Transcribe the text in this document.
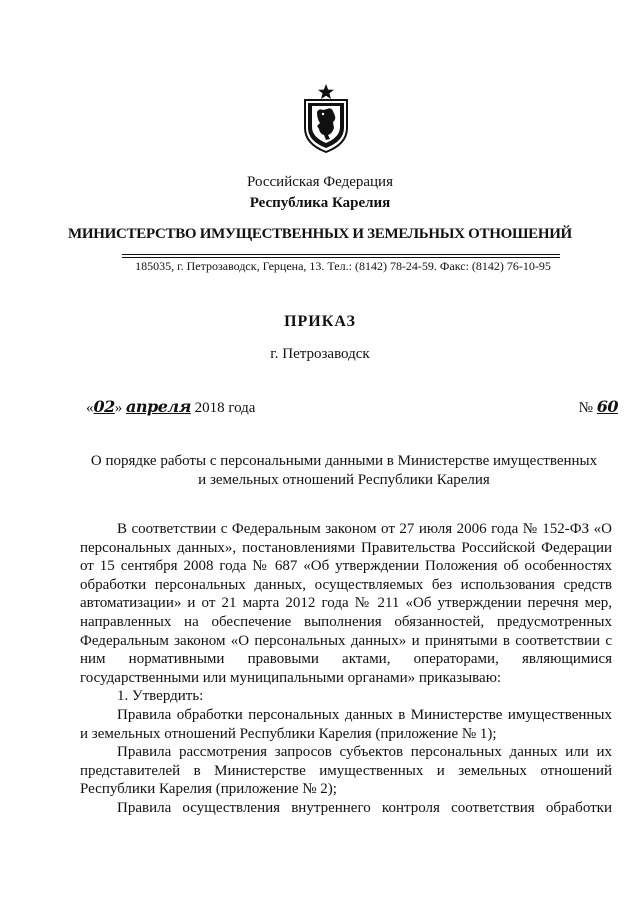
Российская Федерация
Республика Карелия
МИНИСТЕРСТВО ИМУЩЕСТВЕННЫХ И ЗЕМЕЛЬНЫХ ОТНОШЕНИЙ
185035, г. Петрозаводск, Герцена, 13. Тел.: (8142) 78-24-59. Факс: (8142) 76-10-95
ПРИКАЗ
г. Петрозаводск
«02» апреля 2018 года	№ 60
О порядке работы с персональными данными в Министерстве имущественных
и земельных отношений Республики Карелия

В соответствии с Федеральным законом от 27 июля 2006 года № 152-ФЗ «О персональных данных», постановлениями Правительства Российской Федерации от 15 сентября 2008 года № 687 «Об утверждении Положения об особенностях обработки персональных данных, осуществляемых без использования средств автоматизации» и от 21 марта 2012 года № 211 «Об утверждении перечня мер, направленных на обеспечение выполнения обязанностей, предусмотренных Федеральным законом «О персональных данных» и принятыми в соответствии с ним нормативными правовыми актами, операторами, являющимися государственными или муниципальными органами» приказываю:

1. Утвердить:

Правила обработки персональных данных в Министерстве имущественных и земельных отношений Республики Карелия (приложение № 1);

Правила рассмотрения запросов субъектов персональных данных или их представителей в Министерстве имущественных и земельных отношений Республики Карелия (приложение № 2);

Правила осуществления внутреннего контроля соответствия обработки
